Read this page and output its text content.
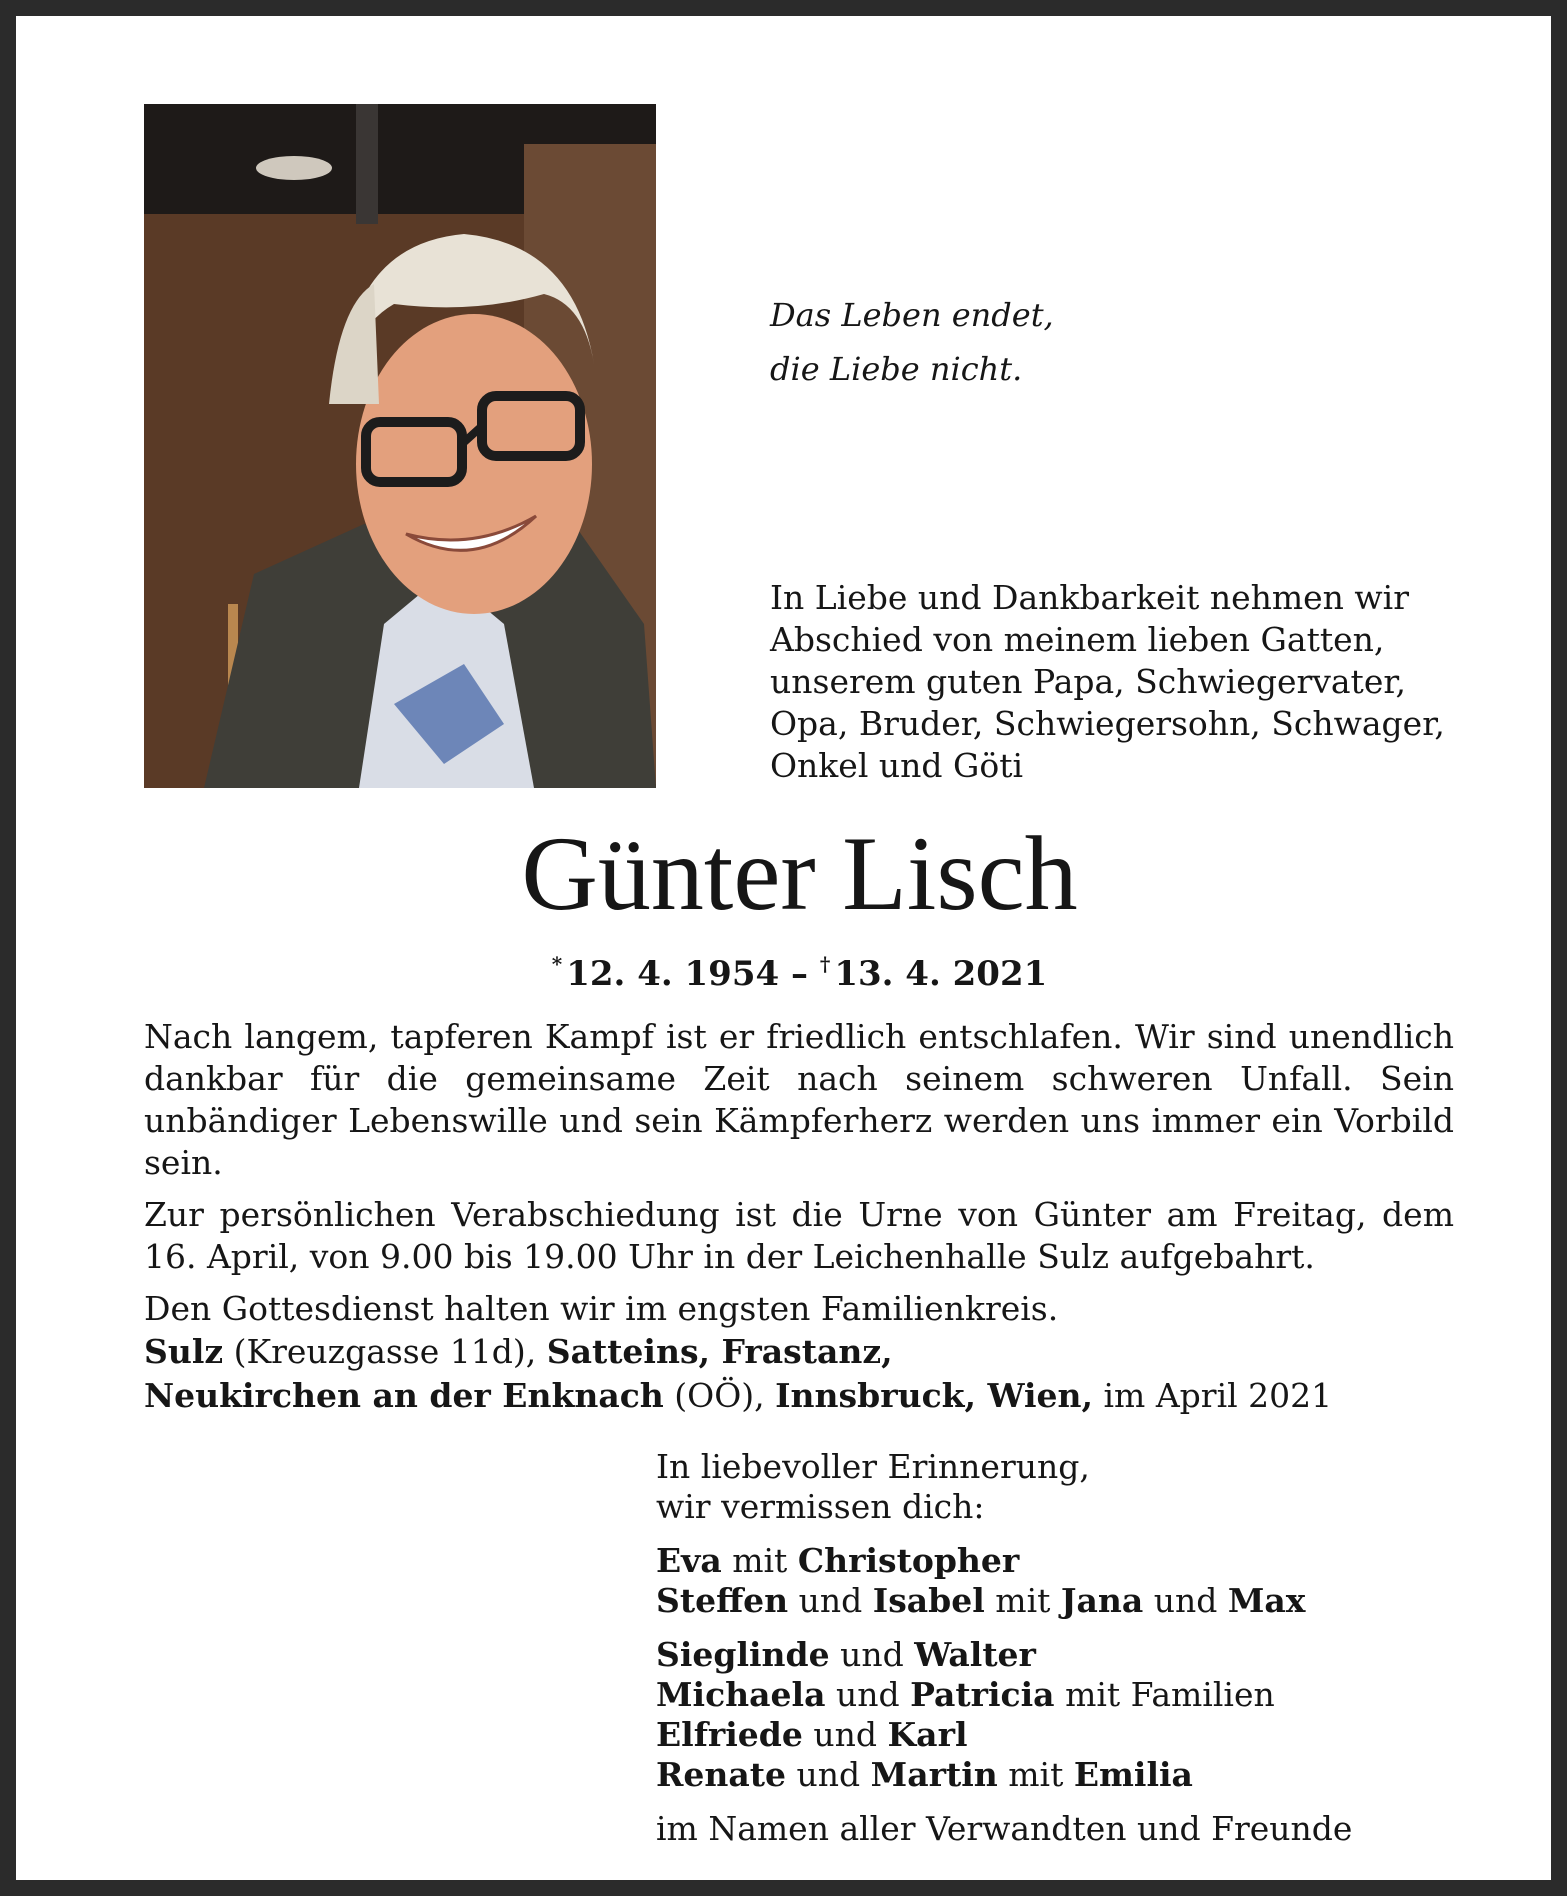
Das Leben endet,
die Liebe nicht.
In Liebe und Dankbarkeit nehmen wir
Abschied von meinem lieben Gatten,
unserem guten Papa, Schwiegervater,
Opa, Bruder, Schwiegersohn, Schwager,
Onkel und Göti
Günter Lisch
* 12. 4. 1954 – † 13. 4. 2021

Nach langem, tapferen Kampf ist er friedlich entschlafen. Wir sind unendlich dankbar für die gemeinsame Zeit nach seinem schweren Unfall. Sein unbändiger Lebenswille und sein Kämpferherz werden uns immer ein Vorbild sein.

Zur persönlichen Verabschiedung ist die Urne von Günter am Freitag, dem 16. April, von 9.00 bis 19.00 Uhr in der Leichenhalle Sulz aufgebahrt.

Den Gottesdienst halten wir im engsten Familienkreis.

Sulz (Kreuzgasse 11d), Satteins, Frastanz,
Neukirchen an der Enknach (OÖ), Innsbruck, Wien, im April 2021
In liebevoller Erinnerung,
wir vermissen dich:
Eva mit Christopher
Steffen und Isabel mit Jana und Max
Sieglinde und Walter
Michaela und Patricia mit Familien
Elfriede und Karl
Renate und Martin mit Emilia
im Namen aller Verwandten und Freunde
